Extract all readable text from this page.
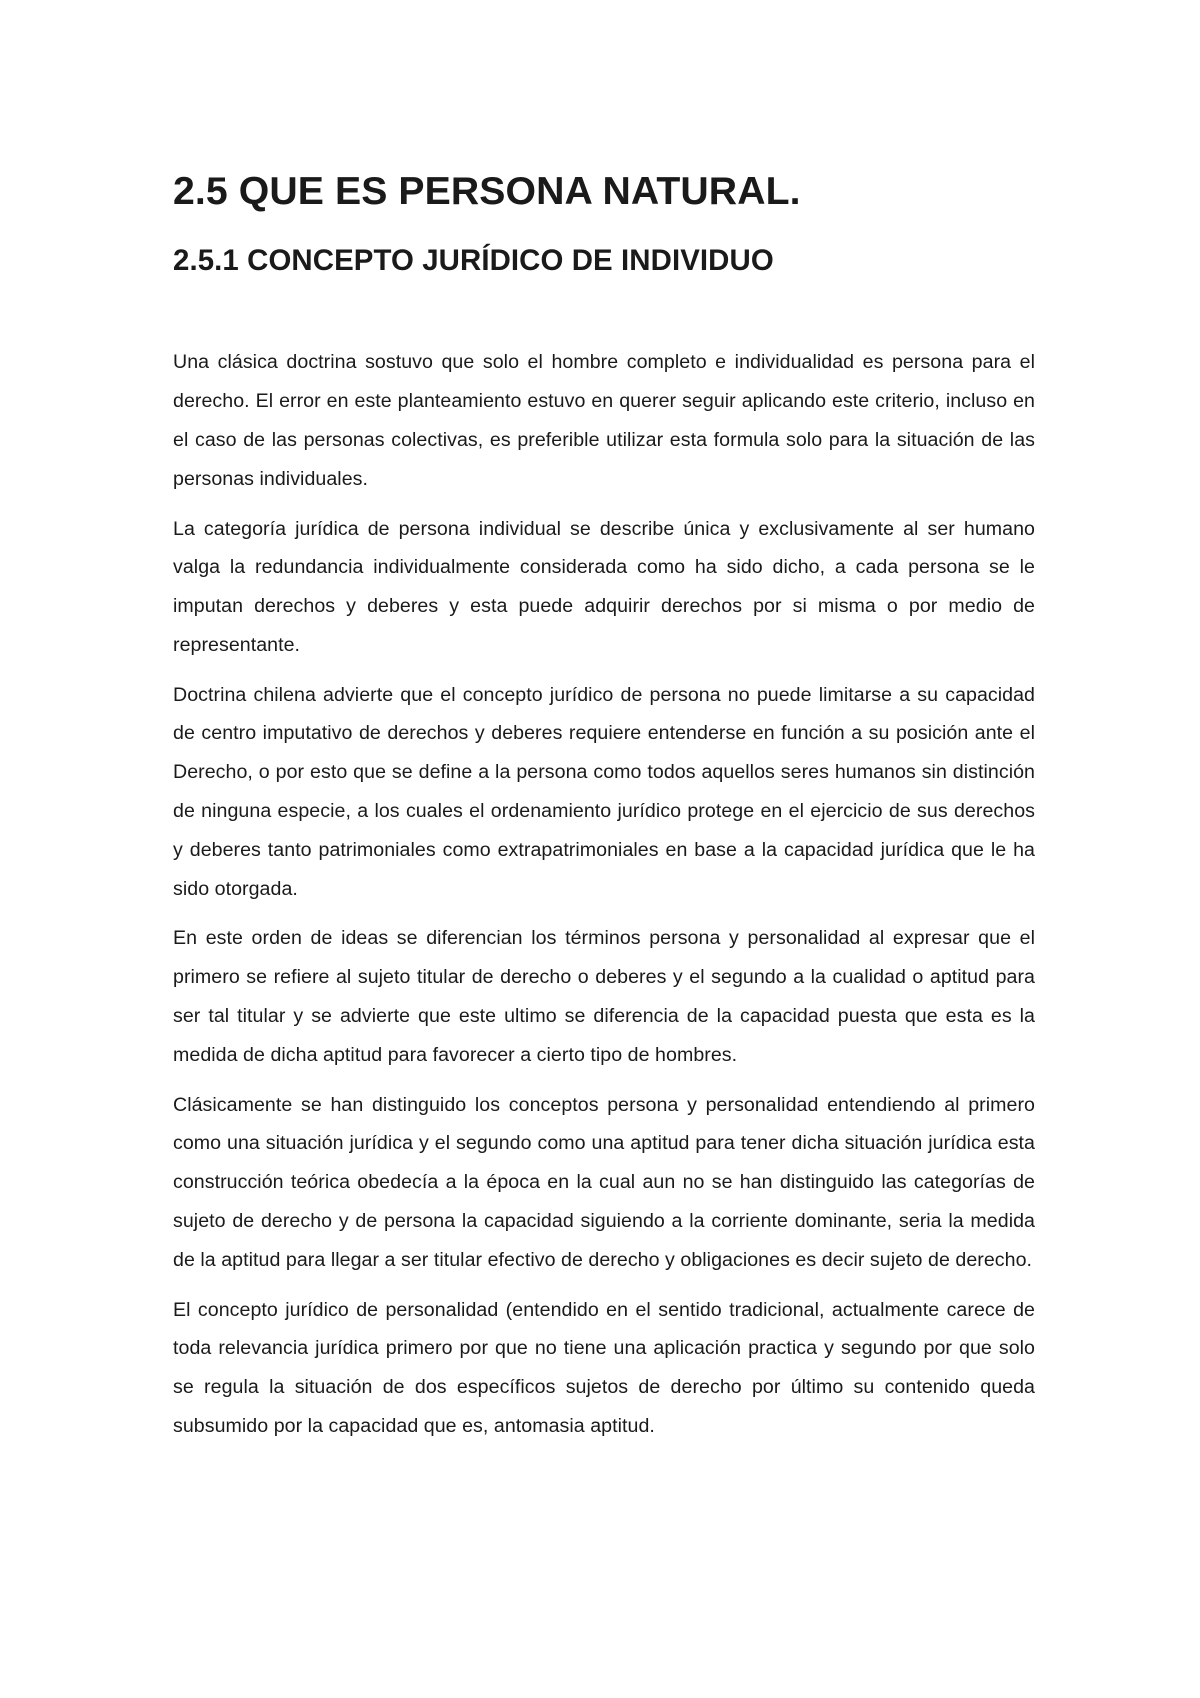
2.5 QUE ES PERSONA NATURAL.
2.5.1 CONCEPTO JURÍDICO DE INDIVIDUO

Una clásica doctrina sostuvo que solo el hombre completo e individualidad es persona para el derecho. El error en este planteamiento estuvo en querer seguir aplicando este criterio, incluso en el caso de las personas colectivas, es preferible utilizar esta formula solo para la situación de las personas individuales.

La categoría jurídica de persona individual se describe única y exclusivamente al ser humano valga la redundancia individualmente considerada como ha sido dicho, a cada persona se le imputan derechos y deberes y esta puede adquirir derechos por si misma o por medio de representante.

Doctrina chilena advierte que el concepto jurídico de persona no puede limitarse a su capacidad de centro imputativo de derechos y deberes requiere entenderse en función a su posición ante el Derecho, o por esto que se define a la persona como todos aquellos seres humanos sin distinción de ninguna especie, a los cuales el ordenamiento jurídico protege en el ejercicio de sus derechos y deberes tanto patrimoniales como extrapatrimoniales en base a la capacidad jurídica que le ha sido otorgada.

En este orden de ideas se diferencian los términos persona y personalidad al expresar que el primero se refiere al sujeto titular de derecho o deberes y el segundo a la cualidad o aptitud para ser tal titular y se advierte que este ultimo se diferencia de la capacidad puesta que esta es la medida de dicha aptitud para favorecer a cierto tipo de hombres.

Clásicamente se han distinguido los conceptos persona y personalidad entendiendo al primero como una situación jurídica y el segundo como una aptitud para tener dicha situación jurídica esta construcción teórica obedecía a la época en la cual aun no se han distinguido las categorías de sujeto de derecho y de persona la capacidad siguiendo a la corriente dominante, seria la medida de la aptitud para llegar a ser titular efectivo de derecho y obligaciones es decir sujeto de derecho.

El concepto jurídico de personalidad (entendido en el sentido tradicional, actualmente carece de toda relevancia jurídica primero por que no tiene una aplicación practica y segundo por que solo se regula la situación de dos específicos sujetos de derecho por último su contenido queda subsumido por la capacidad que es, antomasia aptitud.
